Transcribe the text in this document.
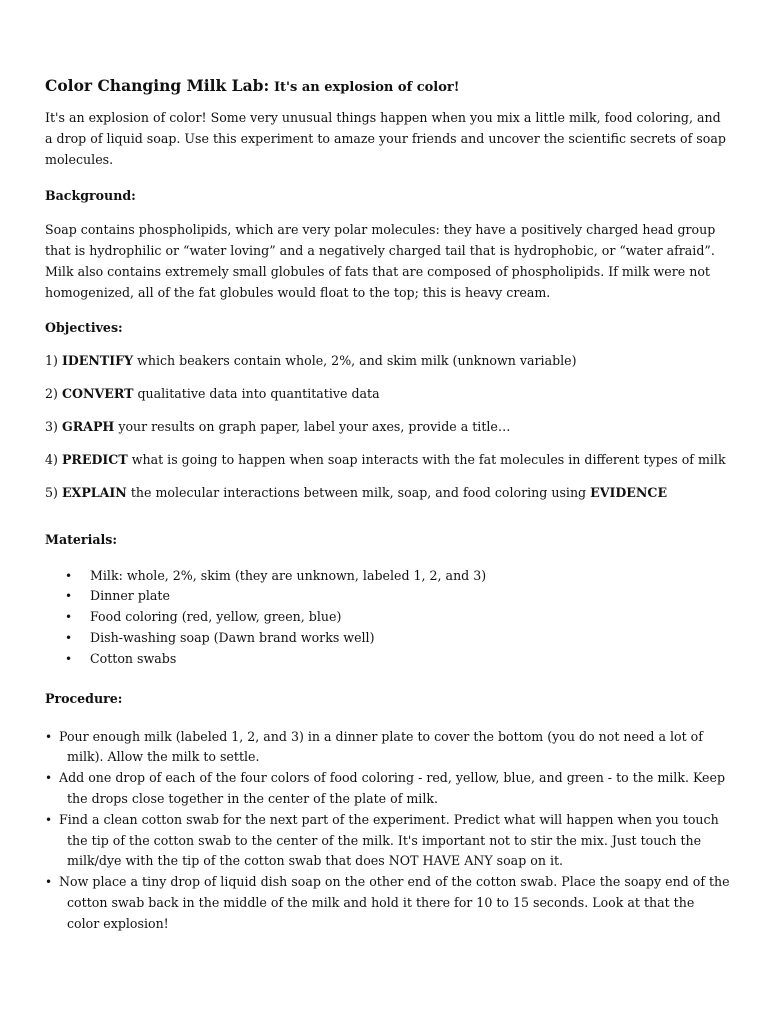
Color Changing Milk Lab: It's an explosion of color!

It's an explosion of color! Some very unusual things happen when you mix a little milk, food coloring, and a drop of liquid soap. Use this experiment to amaze your friends and uncover the scientific secrets of soap molecules.

Background:

Soap contains phospholipids, which are very polar molecules: they have a positively charged head group that is hydrophilic or “water loving” and a negatively charged tail that is hydrophobic, or “water afraid”. Milk also contains extremely small globules of fats that are composed of phospholipids. If milk were not homogenized, all of the fat globules would float to the top; this is heavy cream.

Objectives:
1) IDENTIFY which beakers contain whole, 2%, and skim milk (unknown variable)
2) CONVERT qualitative data into quantitative data
3) GRAPH your results on graph paper, label your axes, provide a title…
4) PREDICT what is going to happen when soap interacts with the fat molecules in different types of milk
5) EXPLAIN the molecular interactions between milk, soap, and food coloring using EVIDENCE
Materials:
• Milk: whole, 2%, skim (they are unknown, labeled 1, 2, and 3)
• Dinner plate
• Food coloring (red, yellow, green, blue)
• Dish-washing soap (Dawn brand works well)
• Cotton swabs
Procedure:
• Pour enough milk (labeled 1, 2, and 3) in a dinner plate to cover the bottom (you do not need a lot of milk). Allow the milk to settle.
• Add one drop of each of the four colors of food coloring - red, yellow, blue, and green - to the milk. Keep the drops close together in the center of the plate of milk.
• Find a clean cotton swab for the next part of the experiment. Predict what will happen when you touch the tip of the cotton swab to the center of the milk. It's important not to stir the mix. Just touch the milk/dye with the tip of the cotton swab that does NOT HAVE ANY soap on it.
• Now place a tiny drop of liquid dish soap on the other end of the cotton swab. Place the soapy end of the cotton swab back in the middle of the milk and hold it there for 10 to 15 seconds. Look at that the color explosion!
